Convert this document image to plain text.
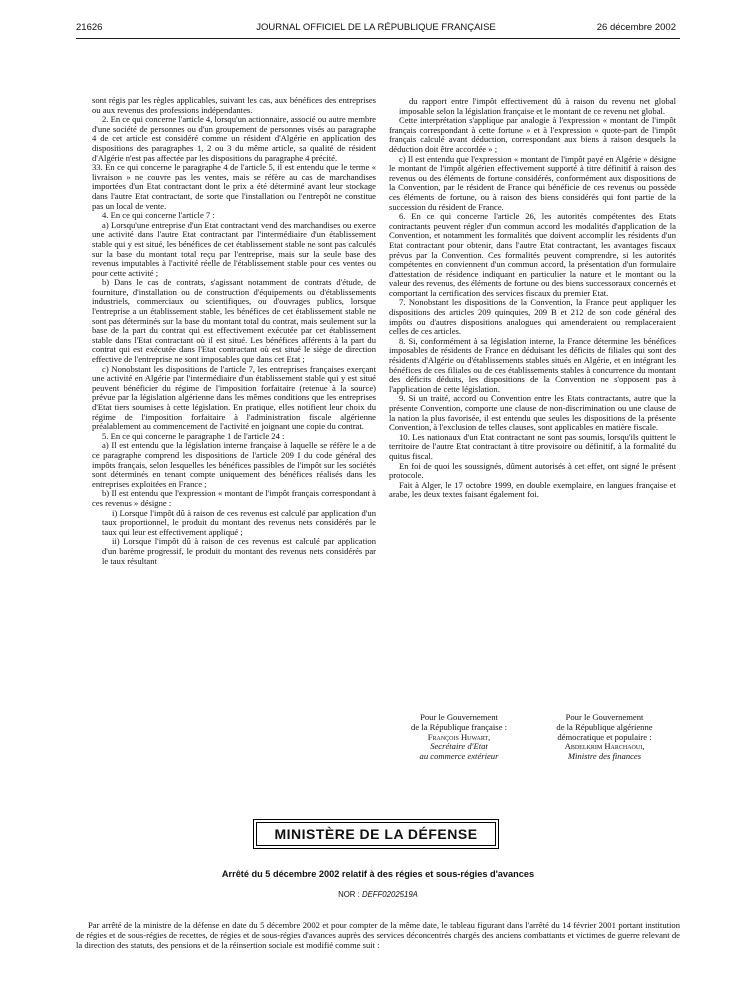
21626	JOURNAL OFFICIEL DE LA RÉPUBLIQUE FRANÇAISE	26 décembre 2002

sont régis par les règles applicables, suivant les cas, aux bénéfices des entreprises ou aux revenus des professions indépendantes.

2. En ce qui concerne l'article 4, lorsqu'un actionnaire, associé ou autre membre d'une société de personnes ou d'un groupement de personnes visés au paragraphe 4 de cet article est considéré comme un résident d'Algérie en application des dispositions des paragraphes 1, 2 ou 3 du même article, sa qualité de résident d'Algérie n'est pas affectée par les dispositions du paragraphe 4 précité.

33. En ce qui concerne le paragraphe 4 de l'article 5, il est entendu que le terme « livraison » ne couvre pas les ventes, mais se réfère au cas de marchandises importées d'un Etat contractant dont le prix a été déterminé avant leur stockage dans l'autre Etat contractant, de sorte que l'installation ou l'entrepôt ne constitue pas un local de vente.

4. En ce qui concerne l'article 7 :

a) Lorsqu'une entreprise d'un Etat contractant vend des marchandises ou exerce une activité dans l'autre Etat contractant par l'intermédiaire d'un établissement stable qui y est situé, les bénéfices de cet établissement stable ne sont pas calculés sur la base du montant total reçu par l'entreprise, mais sur la seule base des revenus imputables à l'activité réelle de l'établissement stable pour ces ventes ou pour cette activité ;

b) Dans le cas de contrats, s'agissant notamment de contrats d'étude, de fourniture, d'installation ou de construction d'équipements ou d'établissements industriels, commerciaux ou scientifiques, ou d'ouvrages publics, lorsque l'entreprise a un établissement stable, les bénéfices de cet établissement stable ne sont pas déterminés sur la base du montant total du contrat, mais seulement sur la base de la part du contrat qui est effectivement exécutée par cet établissement stable dans l'Etat contractant où il est situé. Les bénéfices afférents à la part du contrat qui est exécutée dans l'Etat contractant où est situé le siège de direction effective de l'entreprise ne sont imposables que dans cet Etat ;

c) Nonobstant les dispositions de l'article 7, les entreprises françaises exerçant une activité en Algérie par l'intermédiaire d'un établissement stable qui y est situé peuvent bénéficier du régime de l'imposition forfaitaire (retenue à la source) prévue par la législation algérienne dans les mêmes conditions que les entreprises d'Etat tiers soumises à cette législation. En pratique, elles notifient leur choix du régime de l'imposition forfaitaire à l'administration fiscale algérienne préalablement au commencement de l'activité en joignant une copie du contrat.

5. En ce qui concerne le paragraphe 1 de l'article 24 :

a) Il est entendu que la législation interne française à laquelle se réfère le a de ce paragraphe comprend les dispositions de l'article 209 I du code général des impôts français, selon lesquelles les bénéfices passibles de l'impôt sur les sociétés sont déterminés en tenant compte uniquement des bénéfices réalisés dans les entreprises exploitées en France ;

b) Il est entendu que l'expression « montant de l'impôt français correspondant à ces revenus » désigne :

i) Lorsque l'impôt dû à raison de ces revenus est calculé par application d'un taux proportionnel, le produit du montant des revenus nets considérés par le taux qui leur est effectivement appliqué ;

ii) Lorsque l'impôt dû à raison de ces revenus est calculé par application d'un barème progressif, le produit du montant des revenus nets considérés par le taux résultant

du rapport entre l'impôt effectivement dû à raison du revenu net global imposable selon la législation française et le montant de ce revenu net global.

Cette interprétation s'applique par analogie à l'expression « montant de l'impôt français correspondant à cette fortune » et à l'expression « quote-part de l'impôt français calculé avant déduction, correspondant aux biens à raison desquels la déduction doit être accordée » ;

c) Il est entendu que l'expression « montant de l'impôt payé en Algérie » désigne le montant de l'impôt algérien effectivement supporté à titre définitif à raison des revenus ou des éléments de fortune considérés, conformément aux dispositions de la Convention, par le résident de France qui bénéficie de ces revenus ou possède ces éléments de fortune, ou à raison des biens considérés qui font partie de la succession du résident de France.

6. En ce qui concerne l'article 26, les autorités compétentes des Etats contractants peuvent régler d'un commun accord les modalités d'application de la Convention, et notamment les formalités que doivent accomplir les résidents d'un Etat contractant pour obtenir, dans l'autre Etat contractant, les avantages fiscaux prévus par la Convention. Ces formalités peuvent comprendre, si les autorités compétentes en conviennent d'un commun accord, la présentation d'un formulaire d'attestation de résidence indiquant en particulier la nature et le montant ou la valeur des revenus, des éléments de fortune ou des biens successoraux concernés et comportant la certification des services fiscaux du premier Etat.

7. Nonobstant les dispositions de la Convention, la France peut appliquer les dispositions des articles 209 quinquies, 209 B et 212 de son code général des impôts ou d'autres dispositions analogues qui amenderaient ou remplaceraient celles de ces articles.

8. Si, conformément à sa législation interne, la France détermine les bénéfices imposables de résidents de France en déduisant les déficits de filiales qui sont des résidents d'Algérie ou d'établissements stables situés en Algérie, et en intégrant les bénéfices de ces filiales ou de ces établissements stables à concurrence du montant des déficits déduits, les dispositions de la Convention ne s'opposent pas à l'application de cette législation.

9. Si un traité, accord ou Convention entre les Etats contractants, autre que la présente Convention, comporte une clause de non-discrimination ou une clause de la nation la plus favorisée, il est entendu que seules les dispositions de la présente Convention, à l'exclusion de telles clauses, sont applicables en matière fiscale.

10. Les nationaux d'un Etat contractant ne sont pas soumis, lorsqu'ils quittent le territoire de l'autre Etat contractant à titre provisoire ou définitif, à la formalité du quitus fiscal.

En foi de quoi les soussignés, dûment autorisés à cet effet, ont signé le présent protocole.

Fait à Alger, le 17 octobre 1999, en double exemplaire, en langues française et arabe, les deux textes faisant également foi.

Pour le Gouvernement
de la République française :
François Huwart,
Secrétaire d'Etat
au commerce extérieur
Pour le Gouvernement
de la République algérienne
démocratique et populaire :
Abdelkrim Harchaoui,
Ministre des finances
MINISTÈRE DE LA DÉFENSE
Arrêté du 5 décembre 2002 relatif à des régies et sous-régies d'avances
NOR : DEFF0202519A

Par arrêté de la ministre de la défense en date du 5 décembre 2002 et pour compter de la même date, le tableau figurant dans l'arrêté du 14 février 2001 portant institution de régies et de sous-régies de recettes, de régies et de sous-régies d'avances auprès des services déconcentrés chargés des anciens combattants et victimes de guerre relevant de la direction des statuts, des pensions et de la réinsertion sociale est modifié comme suit :
